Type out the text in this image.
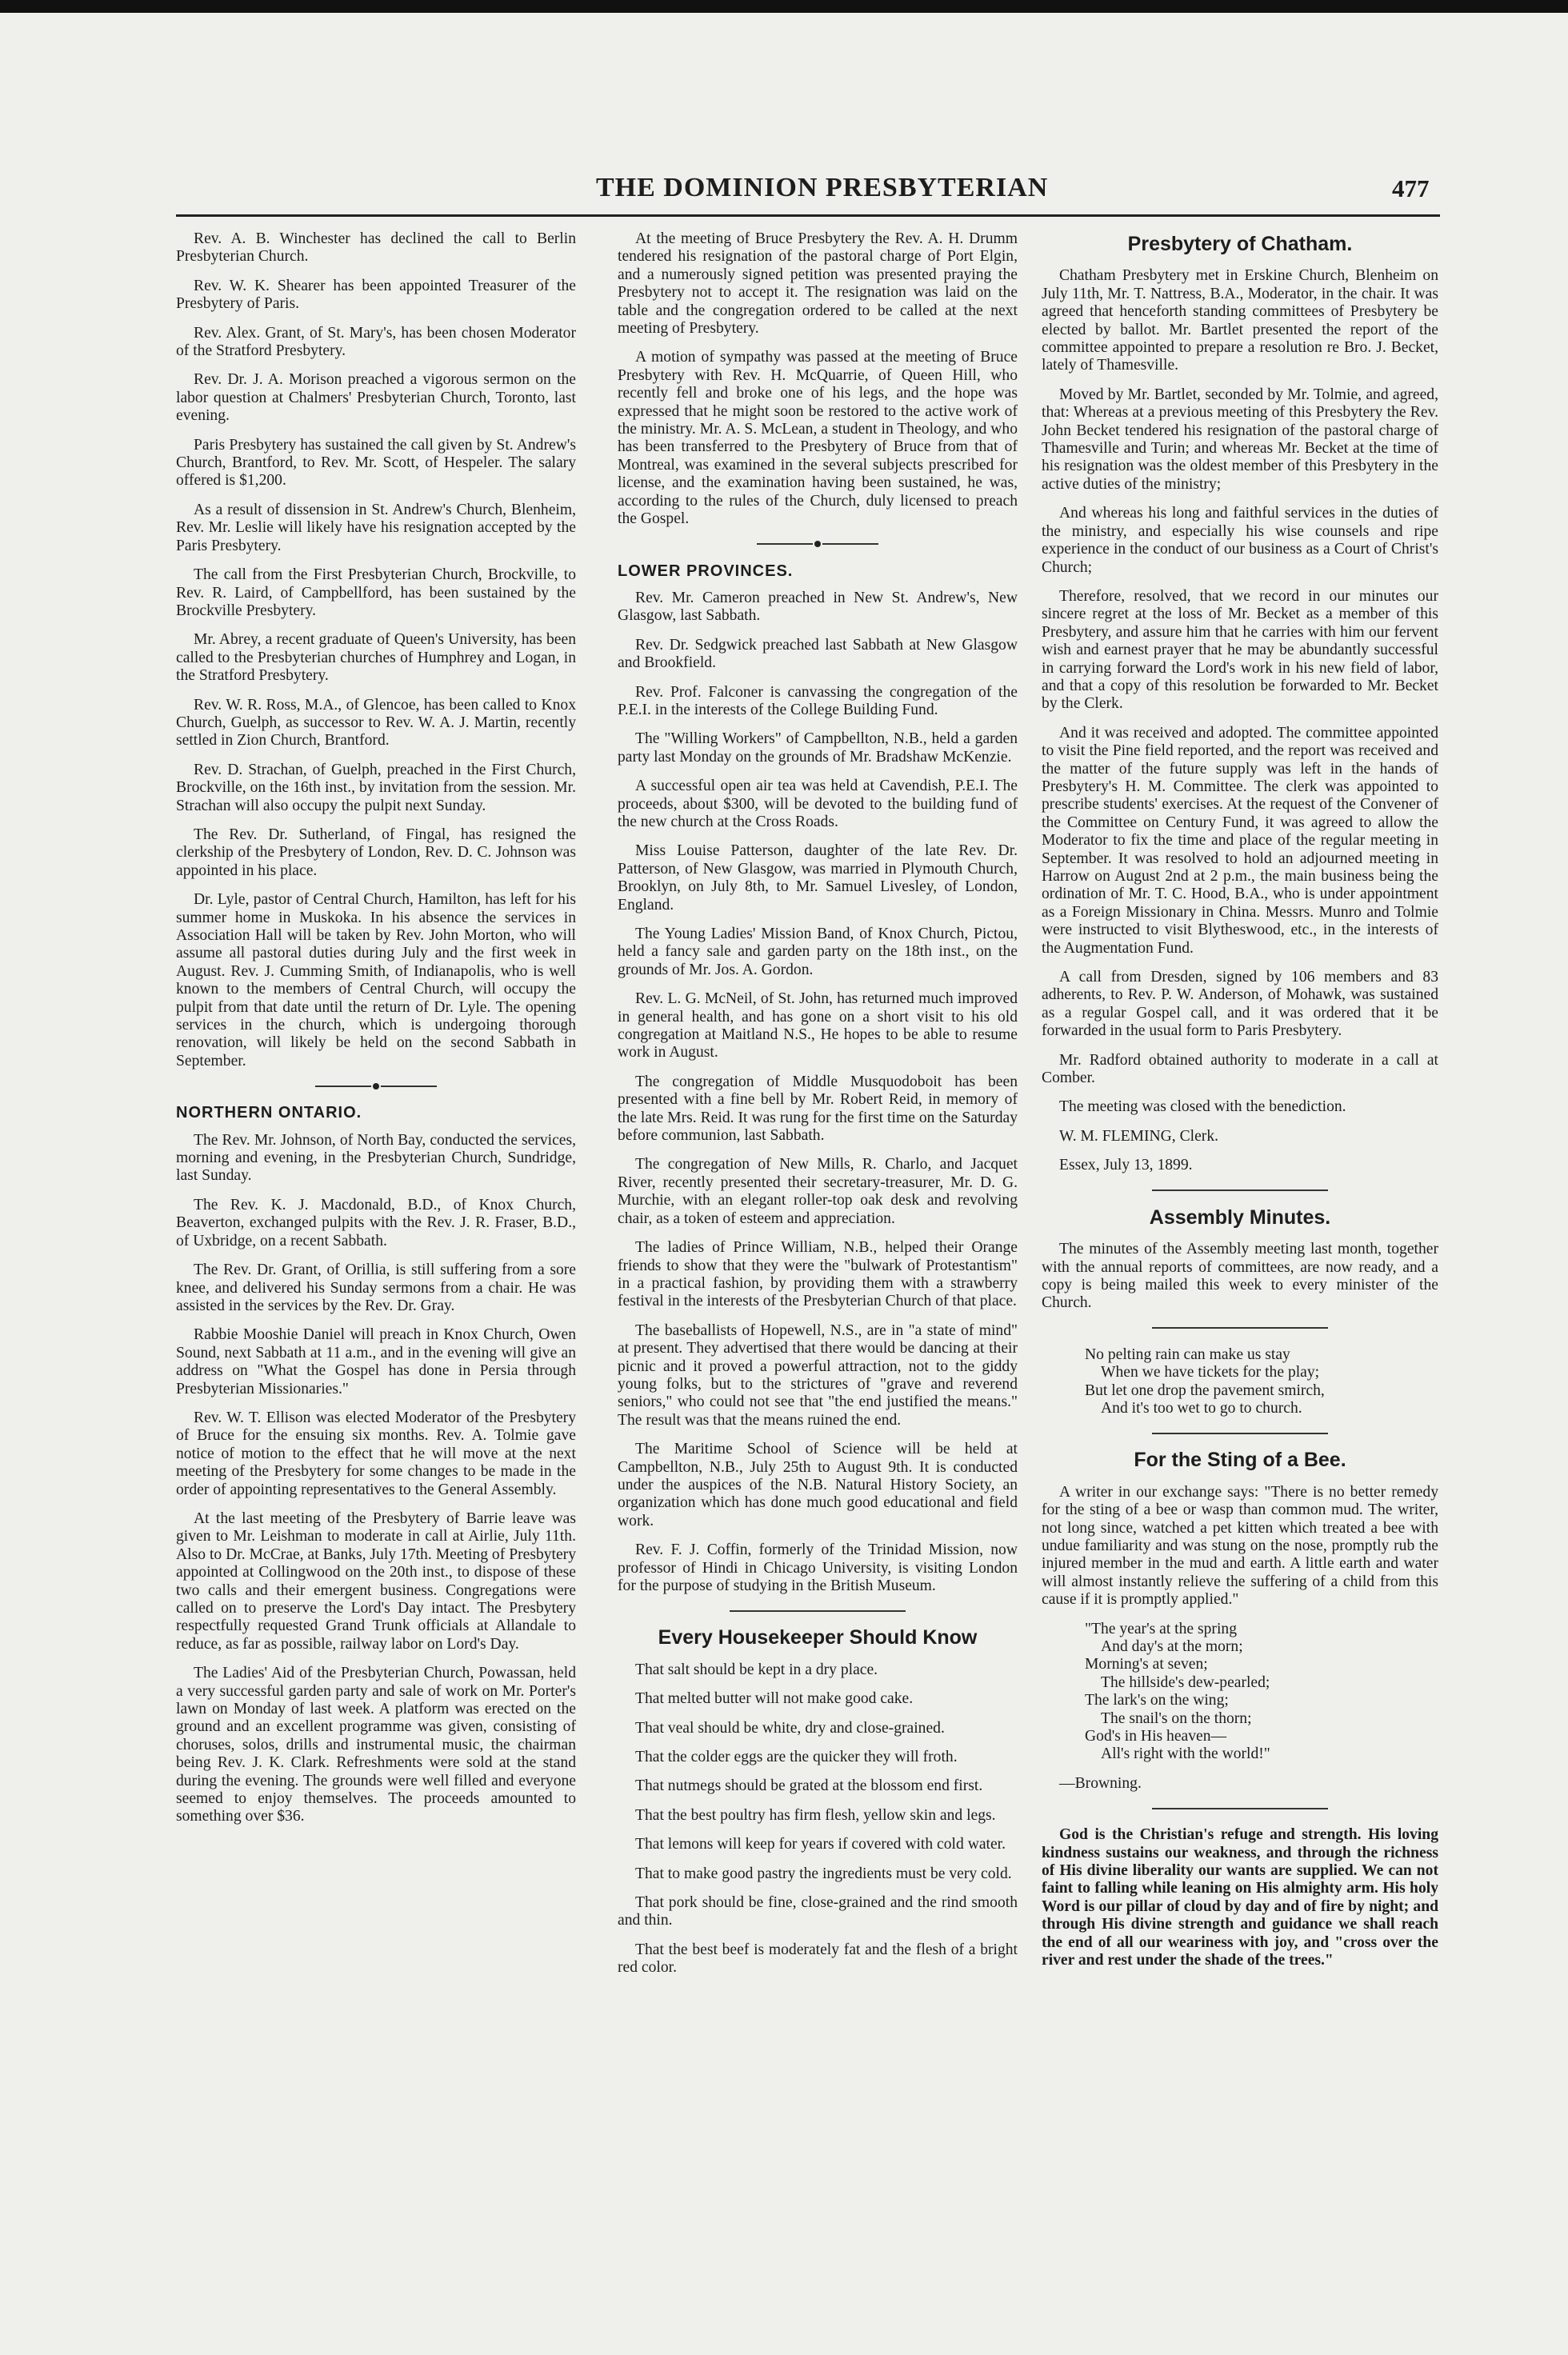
THE DOMINION PRESBYTERIAN	477

Rev. A. B. Winchester has declined the call to Berlin Presbyterian Church.

Rev. W. K. Shearer has been appointed Treasurer of the Presbytery of Paris.

Rev. Alex. Grant, of St. Mary's, has been chosen Moderator of the Stratford Presbytery.

Rev. Dr. J. A. Morison preached a vigorous sermon on the labor question at Chalmers' Presbyterian Church, Toronto, last evening.

Paris Presbytery has sustained the call given by St. Andrew's Church, Brantford, to Rev. Mr. Scott, of Hespeler. The salary offered is $1,200.

As a result of dissension in St. Andrew's Church, Blenheim, Rev. Mr. Leslie will likely have his resignation accepted by the Paris Presbytery.

The call from the First Presbyterian Church, Brockville, to Rev. R. Laird, of Campbellford, has been sustained by the Brockville Presbytery.

Mr. Abrey, a recent graduate of Queen's University, has been called to the Presbyterian churches of Humphrey and Logan, in the Stratford Presbytery.

Rev. W. R. Ross, M.A., of Glencoe, has been called to Knox Church, Guelph, as successor to Rev. W. A. J. Martin, recently settled in Zion Church, Brantford.

Rev. D. Strachan, of Guelph, preached in the First Church, Brockville, on the 16th inst., by invitation from the session. Mr. Strachan will also occupy the pulpit next Sunday.

The Rev. Dr. Sutherland, of Fingal, has resigned the clerkship of the Presbytery of London, Rev. D. C. Johnson was appointed in his place.

Dr. Lyle, pastor of Central Church, Hamilton, has left for his summer home in Muskoka. In his absence the services in Association Hall will be taken by Rev. John Morton, who will assume all pastoral duties during July and the first week in August. Rev. J. Cumming Smith, of Indianapolis, who is well known to the members of Central Church, will occupy the pulpit from that date until the return of Dr. Lyle. The opening services in the church, which is undergoing thorough renovation, will likely be held on the second Sabbath in September.

NORTHERN ONTARIO.

The Rev. Mr. Johnson, of North Bay, conducted the services, morning and evening, in the Presbyterian Church, Sundridge, last Sunday.

The Rev. K. J. Macdonald, B.D., of Knox Church, Beaverton, exchanged pulpits with the Rev. J. R. Fraser, B.D., of Uxbridge, on a recent Sabbath.

The Rev. Dr. Grant, of Orillia, is still suffering from a sore knee, and delivered his Sunday sermons from a chair. He was assisted in the services by the Rev. Dr. Gray.

Rabbie Mooshie Daniel will preach in Knox Church, Owen Sound, next Sabbath at 11 a.m., and in the evening will give an address on "What the Gospel has done in Persia through Presbyterian Missionaries."

Rev. W. T. Ellison was elected Moderator of the Presbytery of Bruce for the ensuing six months. Rev. A. Tolmie gave notice of motion to the effect that he will move at the next meeting of the Presbytery for some changes to be made in the order of appointing representatives to the General Assembly.

At the last meeting of the Presbytery of Barrie leave was given to Mr. Leishman to moderate in call at Airlie, July 11th. Also to Dr. McCrae, at Banks, July 17th. Meeting of Presbytery appointed at Collingwood on the 20th inst., to dispose of these two calls and their emergent business. Congregations were called on to preserve the Lord's Day intact. The Presbytery respectfully requested Grand Trunk officials at Allandale to reduce, as far as possible, railway labor on Lord's Day.

The Ladies' Aid of the Presbyterian Church, Powassan, held a very successful garden party and sale of work on Mr. Porter's lawn on Monday of last week. A platform was erected on the ground and an excellent programme was given, consisting of choruses, solos, drills and instrumental music, the chairman being Rev. J. K. Clark. Refreshments were sold at the stand during the evening. The grounds were well filled and everyone seemed to enjoy themselves. The proceeds amounted to something over $36.

At the meeting of Bruce Presbytery the Rev. A. H. Drumm tendered his resignation of the pastoral charge of Port Elgin, and a numerously signed petition was presented praying the Presbytery not to accept it. The resignation was laid on the table and the congregation ordered to be called at the next meeting of Presbytery.

A motion of sympathy was passed at the meeting of Bruce Presbytery with Rev. H. McQuarrie, of Queen Hill, who recently fell and broke one of his legs, and the hope was expressed that he might soon be restored to the active work of the ministry. Mr. A. S. McLean, a student in Theology, and who has been transferred to the Presbytery of Bruce from that of Montreal, was examined in the several subjects prescribed for license, and the examination having been sustained, he was, according to the rules of the Church, duly licensed to preach the Gospel.

LOWER PROVINCES.

Rev. Mr. Cameron preached in New St. Andrew's, New Glasgow, last Sabbath.

Rev. Dr. Sedgwick preached last Sabbath at New Glasgow and Brookfield.

Rev. Prof. Falconer is canvassing the congregation of the P.E.I. in the interests of the College Building Fund.

The "Willing Workers" of Campbellton, N.B., held a garden party last Monday on the grounds of Mr. Bradshaw McKenzie.

A successful open air tea was held at Cavendish, P.E.I. The proceeds, about $300, will be devoted to the building fund of the new church at the Cross Roads.

Miss Louise Patterson, daughter of the late Rev. Dr. Patterson, of New Glasgow, was married in Plymouth Church, Brooklyn, on July 8th, to Mr. Samuel Livesley, of London, England.

The Young Ladies' Mission Band, of Knox Church, Pictou, held a fancy sale and garden party on the 18th inst., on the grounds of Mr. Jos. A. Gordon.

Rev. L. G. McNeil, of St. John, has returned much improved in general health, and has gone on a short visit to his old congregation at Maitland N.S., He hopes to be able to resume work in August.

The congregation of Middle Musquodoboit has been presented with a fine bell by Mr. Robert Reid, in memory of the late Mrs. Reid. It was rung for the first time on the Saturday before communion, last Sabbath.

The congregation of New Mills, R. Charlo, and Jacquet River, recently presented their secretary-treasurer, Mr. D. G. Murchie, with an elegant roller-top oak desk and revolving chair, as a token of esteem and appreciation.

The ladies of Prince William, N.B., helped their Orange friends to show that they were the "bulwark of Protestantism" in a practical fashion, by providing them with a strawberry festival in the interests of the Presbyterian Church of that place.

The baseballists of Hopewell, N.S., are in "a state of mind" at present. They advertised that there would be dancing at their picnic and it proved a powerful attraction, not to the giddy young folks, but to the strictures of "grave and reverend seniors," who could not see that "the end justified the means." The result was that the means ruined the end.

The Maritime School of Science will be held at Campbellton, N.B., July 25th to August 9th. It is conducted under the auspices of the N.B. Natural History Society, an organization which has done much good educational and field work.

Rev. F. J. Coffin, formerly of the Trinidad Mission, now professor of Hindi in Chicago University, is visiting London for the purpose of studying in the British Museum.

Every Housekeeper Should Know

That salt should be kept in a dry place.

That melted butter will not make good cake.

That veal should be white, dry and close-grained.

That the colder eggs are the quicker they will froth.

That nutmegs should be grated at the blossom end first.

That the best poultry has firm flesh, yellow skin and legs.

That lemons will keep for years if covered with cold water.

That to make good pastry the ingredients must be very cold.

That pork should be fine, close-grained and the rind smooth and thin.

That the best beef is moderately fat and the flesh of a bright red color.

Presbytery of Chatham.

Chatham Presbytery met in Erskine Church, Blenheim on July 11th, Mr. T. Nattress, B.A., Moderator, in the chair. It was agreed that henceforth standing committees of Presbytery be elected by ballot. Mr. Bartlet presented the report of the committee appointed to prepare a resolution re Bro. J. Becket, lately of Thamesville.

Moved by Mr. Bartlet, seconded by Mr. Tolmie, and agreed, that: Whereas at a previous meeting of this Presbytery the Rev. John Becket tendered his resignation of the pastoral charge of Thamesville and Turin; and whereas Mr. Becket at the time of his resignation was the oldest member of this Presbytery in the active duties of the ministry;

And whereas his long and faithful services in the duties of the ministry, and especially his wise counsels and ripe experience in the conduct of our business as a Court of Christ's Church;

Therefore, resolved, that we record in our minutes our sincere regret at the loss of Mr. Becket as a member of this Presbytery, and assure him that he carries with him our fervent wish and earnest prayer that he may be abundantly successful in carrying forward the Lord's work in his new field of labor, and that a copy of this resolution be forwarded to Mr. Becket by the Clerk.

And it was received and adopted. The committee appointed to visit the Pine field reported, and the report was received and the matter of the future supply was left in the hands of Presbytery's H. M. Committee. The clerk was appointed to prescribe students' exercises. At the request of the Convener of the Committee on Century Fund, it was agreed to allow the Moderator to fix the time and place of the regular meeting in September. It was resolved to hold an adjourned meeting in Harrow on August 2nd at 2 p.m., the main business being the ordination of Mr. T. C. Hood, B.A., who is under appointment as a Foreign Missionary in China. Messrs. Munro and Tolmie were instructed to visit Blytheswood, etc., in the interests of the Augmentation Fund.

A call from Dresden, signed by 106 members and 83 adherents, to Rev. P. W. Anderson, of Mohawk, was sustained as a regular Gospel call, and it was ordered that it be forwarded in the usual form to Paris Presbytery.

Mr. Radford obtained authority to moderate in a call at Comber.

The meeting was closed with the benediction.

W. M. FLEMING, Clerk.

Essex, July 13, 1899.

Assembly Minutes.

The minutes of the Assembly meeting last month, together with the annual reports of committees, are now ready, and a copy is being mailed this week to every minister of the Church.

No pelting rain can make us stay
When we have tickets for the play;
But let one drop the pavement smirch,
And it's too wet to go to church.
For the Sting of a Bee.

A writer in our exchange says: "There is no better remedy for the sting of a bee or wasp than common mud. The writer, not long since, watched a pet kitten which treated a bee with undue familiarity and was stung on the nose, promptly rub the injured member in the mud and earth. A little earth and water will almost instantly relieve the suffering of a child from this cause if it is promptly applied."

"The year's at the spring
And day's at the morn;
Morning's at seven;
The hillside's dew-pearled;
The lark's on the wing;
The snail's on the thorn;
God's in His heaven—
All's right with the world!"

—Browning.

God is the Christian's refuge and strength. His loving kindness sustains our weakness, and through the richness of His divine liberality our wants are supplied. We can not faint to falling while leaning on His almighty arm. His holy Word is our pillar of cloud by day and of fire by night; and through His divine strength and guidance we shall reach the end of all our weariness with joy, and "cross over the river and rest under the shade of the trees."
